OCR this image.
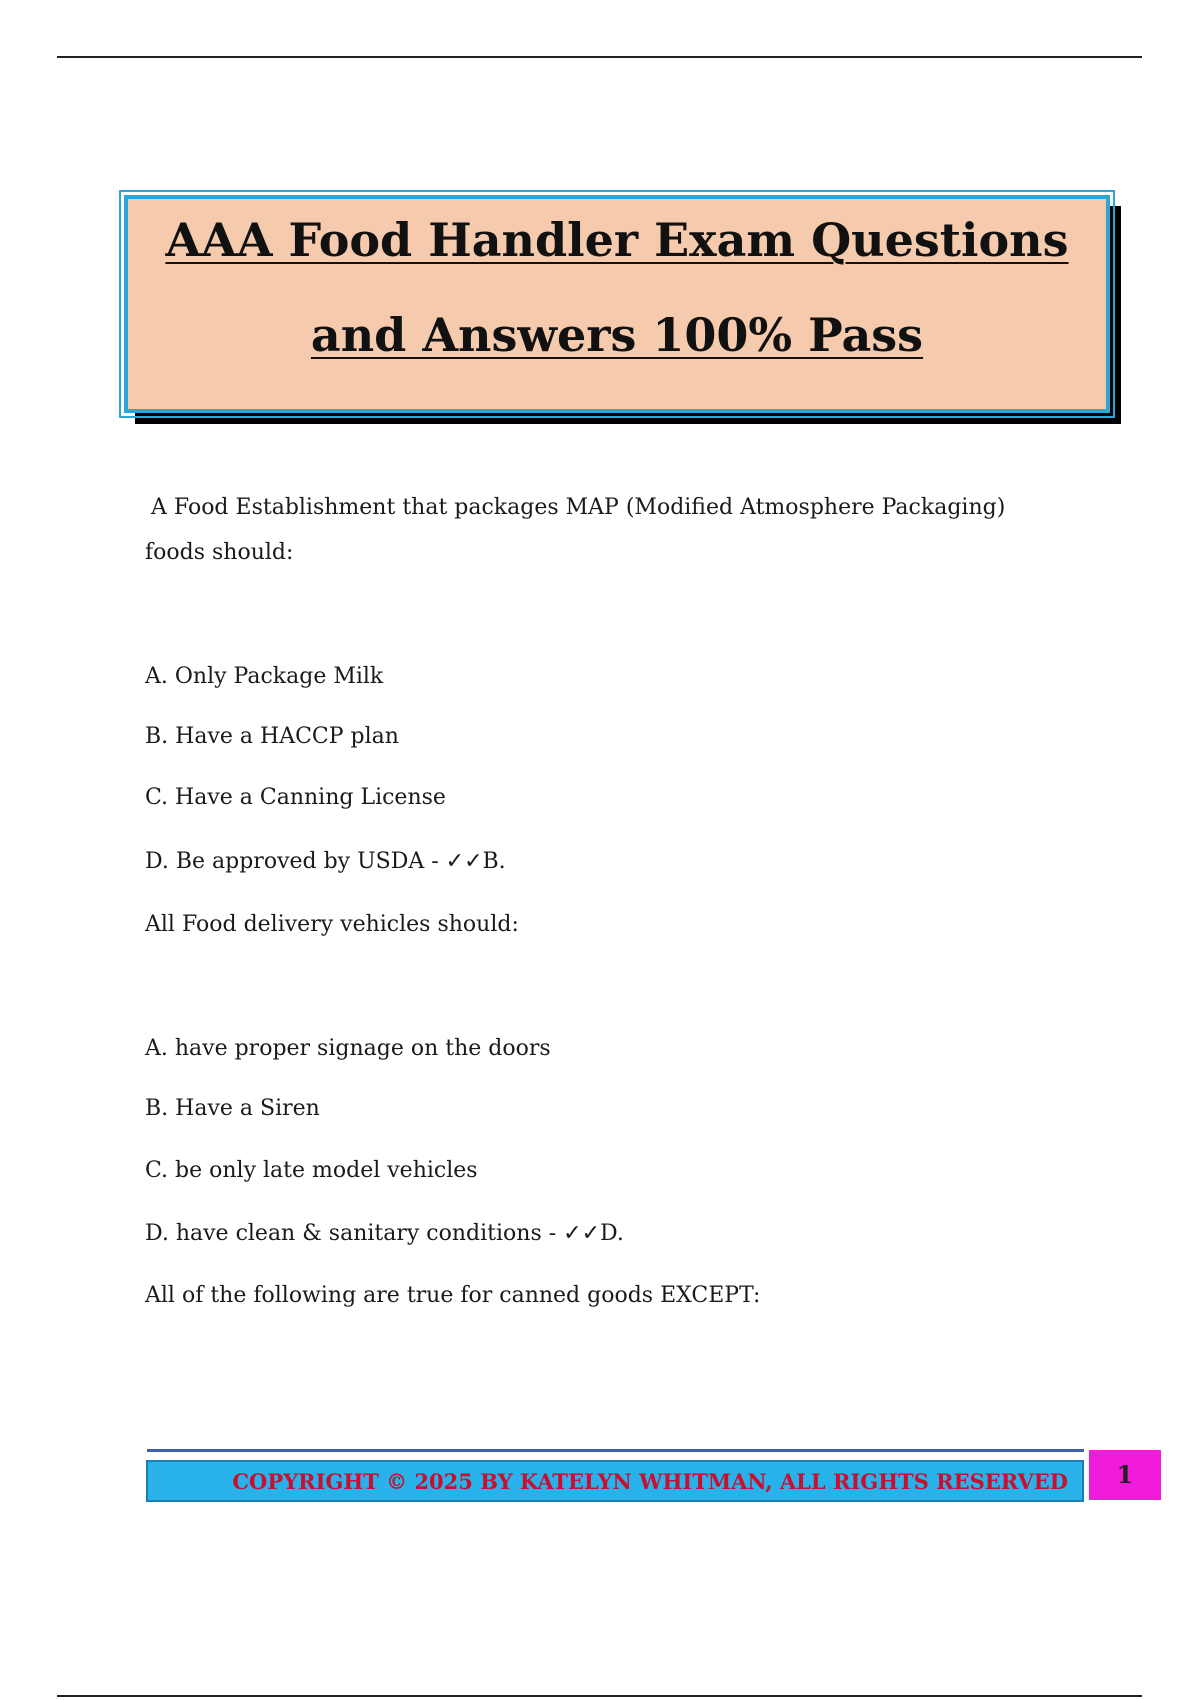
AAA Food Handler Exam Questions
and Answers 100% Pass
A Food Establishment that packages MAP (Modified Atmosphere Packaging) foods should:
A. Only Package Milk
B. Have a HACCP plan
C. Have a Canning License
D. Be approved by USDA - ✓✓B.
All Food delivery vehicles should:
A. have proper signage on the doors
B. Have a Siren
C. be only late model vehicles
D. have clean & sanitary conditions - ✓✓D.
All of the following are true for canned goods EXCEPT:
COPYRIGHT © 2025 BY KATELYN WHITMAN, ALL RIGHTS RESERVED	1
